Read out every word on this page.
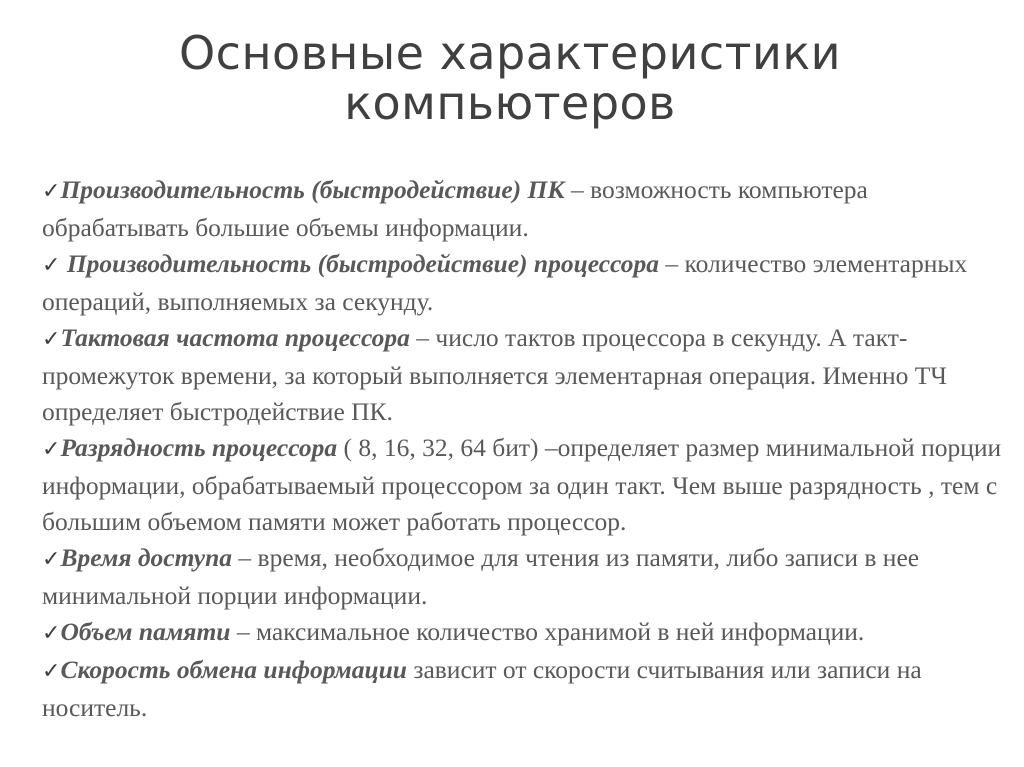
Основные характеристики
компьютеров

✓Производительность (быстродействие) ПК – возможность компьютера обрабатывать большие объемы информации.

✓ Производительность (быстродействие) процессора – количество элементарных операций, выполняемых за секунду.

✓Тактовая частота процессора – число тактов процессора в секунду. А такт- промежуток времени, за который выполняется элементарная операция. Именно ТЧ определяет быстродействие ПК.

✓Разрядность процессора ( 8, 16, 32, 64 бит) –определяет размер минимальной порции информации, обрабатываемый процессором за один такт. Чем выше разрядность , тем с большим объемом памяти может работать процессор.

✓Время доступа – время, необходимое для чтения из памяти, либо записи в нее минимальной порции информации.

✓Объем памяти – максимальное количество хранимой в ней информации.

✓Скорость обмена информации зависит от скорости считывания или записи на носитель.
